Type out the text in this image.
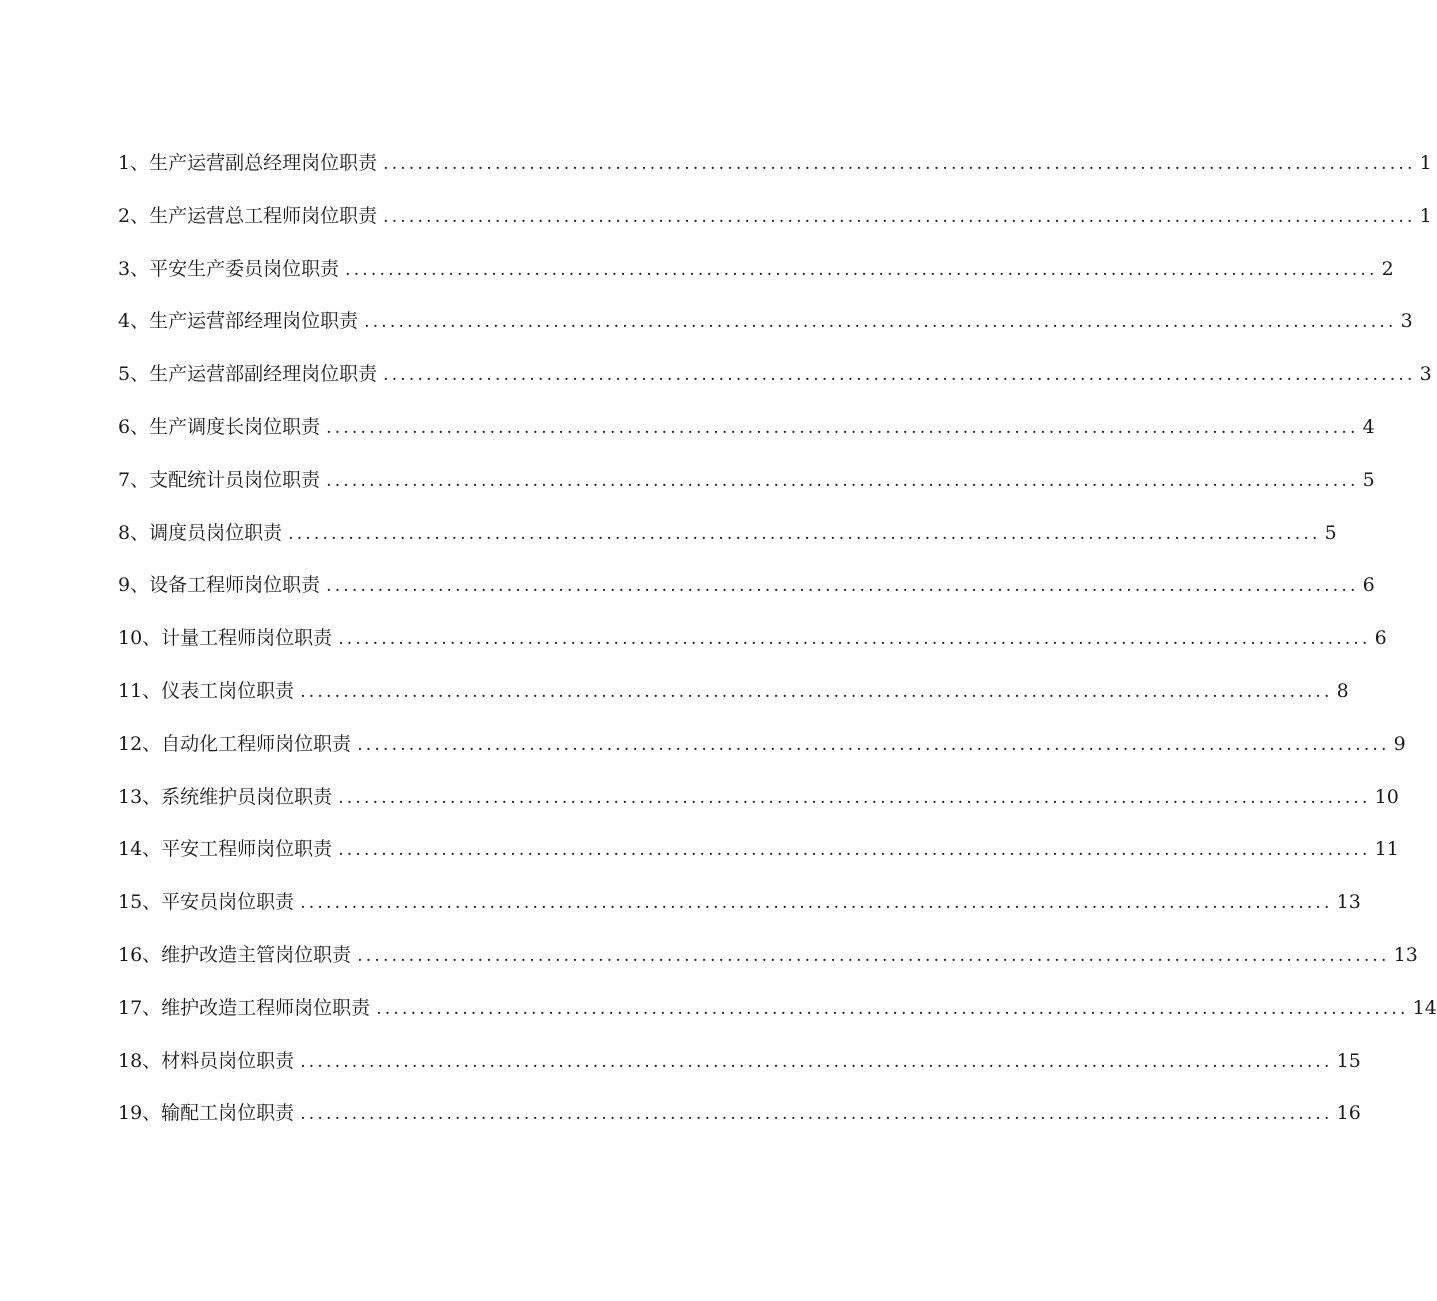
1、生产运营副总经理岗位职责 ........................................................................................................................ 1
2、生产运营总工程师岗位职责 ........................................................................................................................ 1
3、平安生产委员岗位职责 ........................................................................................................................ 2
4、生产运营部经理岗位职责 ........................................................................................................................ 3
5、生产运营部副经理岗位职责 ........................................................................................................................ 3
6、生产调度长岗位职责 ........................................................................................................................ 4
7、支配统计员岗位职责 ........................................................................................................................ 5
8、调度员岗位职责 ........................................................................................................................ 5
9、设备工程师岗位职责 ........................................................................................................................ 6
10、计量工程师岗位职责 ........................................................................................................................ 6
11、仪表工岗位职责 ........................................................................................................................ 8
12、自动化工程师岗位职责 ........................................................................................................................ 9
13、系统维护员岗位职责 ........................................................................................................................ 10
14、平安工程师岗位职责 ........................................................................................................................ 11
15、平安员岗位职责 ........................................................................................................................ 13
16、维护改造主管岗位职责 ........................................................................................................................ 13
17、维护改造工程师岗位职责 ........................................................................................................................ 14
18、材料员岗位职责 ........................................................................................................................ 15
19、输配工岗位职责 ........................................................................................................................ 16
